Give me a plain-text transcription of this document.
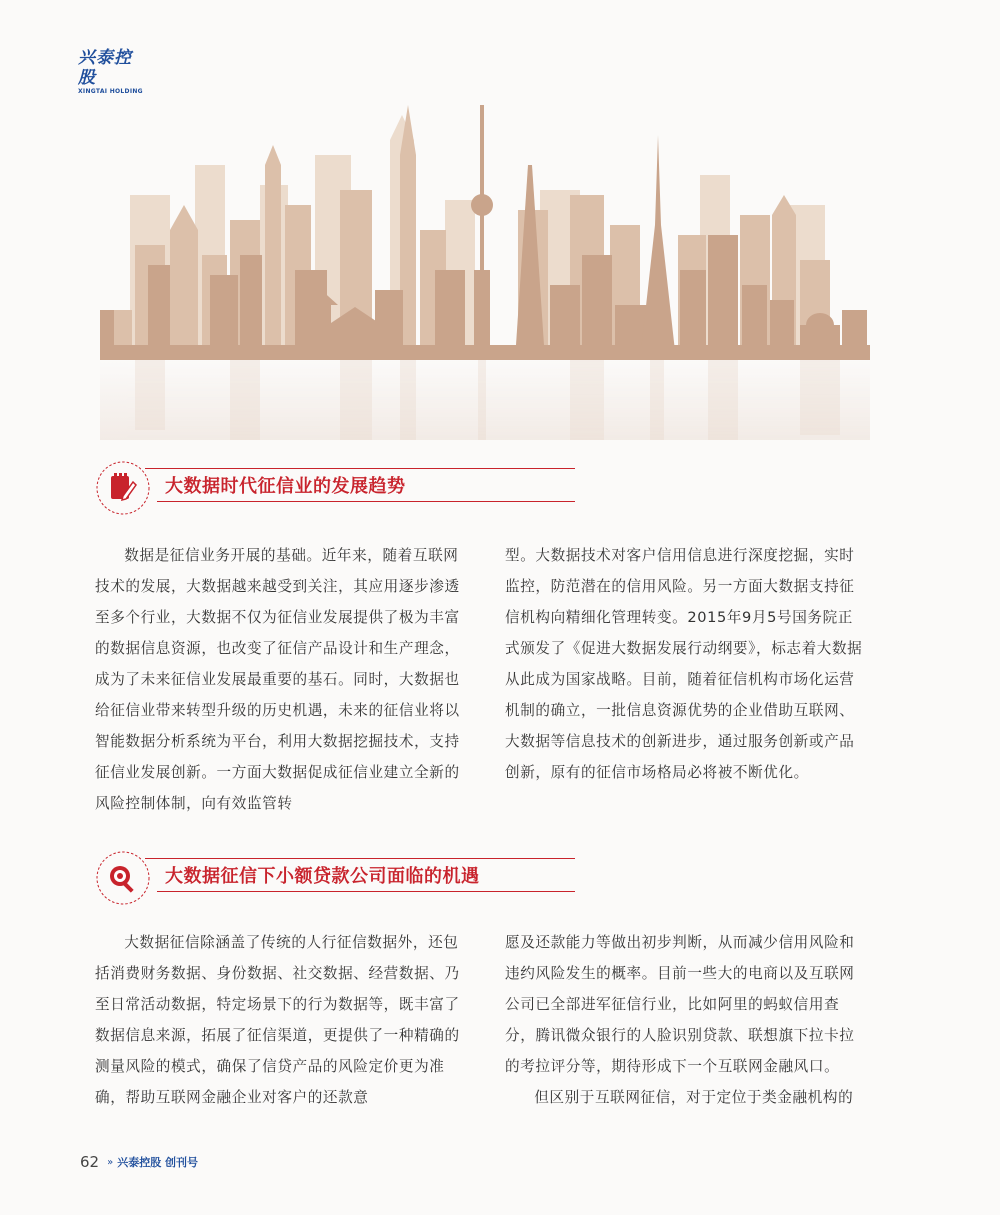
兴泰控股
XINGTAI HOLDING
大数据时代征信业的发展趋势

数据是征信业务开展的基础。近年来，随着互联网技术的发展，大数据越来越受到关注，其应用逐步渗透至多个行业，大数据不仅为征信业发展提供了极为丰富的数据信息资源，也改变了征信产品设计和生产理念，成为了未来征信业发展最重要的基石。同时，大数据也给征信业带来转型升级的历史机遇，未来的征信业将以智能数据分析系统为平台，利用大数据挖掘技术，支持征信业发展创新。一方面大数据促成征信业建立全新的风险控制体制，向有效监管转

型。大数据技术对客户信用信息进行深度挖掘，实时监控，防范潜在的信用风险。另一方面大数据支持征信机构向精细化管理转变。2015年9月5号国务院正式颁发了《促进大数据发展行动纲要》，标志着大数据从此成为国家战略。目前，随着征信机构市场化运营机制的确立，一批信息资源优势的企业借助互联网、大数据等信息技术的创新进步，通过服务创新或产品创新，原有的征信市场格局必将被不断优化。

大数据征信下小额贷款公司面临的机遇

大数据征信除涵盖了传统的人行征信数据外，还包括消费财务数据、身份数据、社交数据、经营数据、乃至日常活动数据，特定场景下的行为数据等，既丰富了数据信息来源，拓展了征信渠道，更提供了一种精确的测量风险的模式，确保了信贷产品的风险定价更为准确，帮助互联网金融企业对客户的还款意

愿及还款能力等做出初步判断，从而减少信用风险和违约风险发生的概率。目前一些大的电商以及互联网公司已全部进军征信行业，比如阿里的蚂蚁信用查分，腾讯微众银行的人脸识别贷款、联想旗下拉卡拉的考拉评分等，期待形成下一个互联网金融风口。

但区别于互联网征信，对于定位于类金融机构的

62 » 兴泰控股 创刊号
